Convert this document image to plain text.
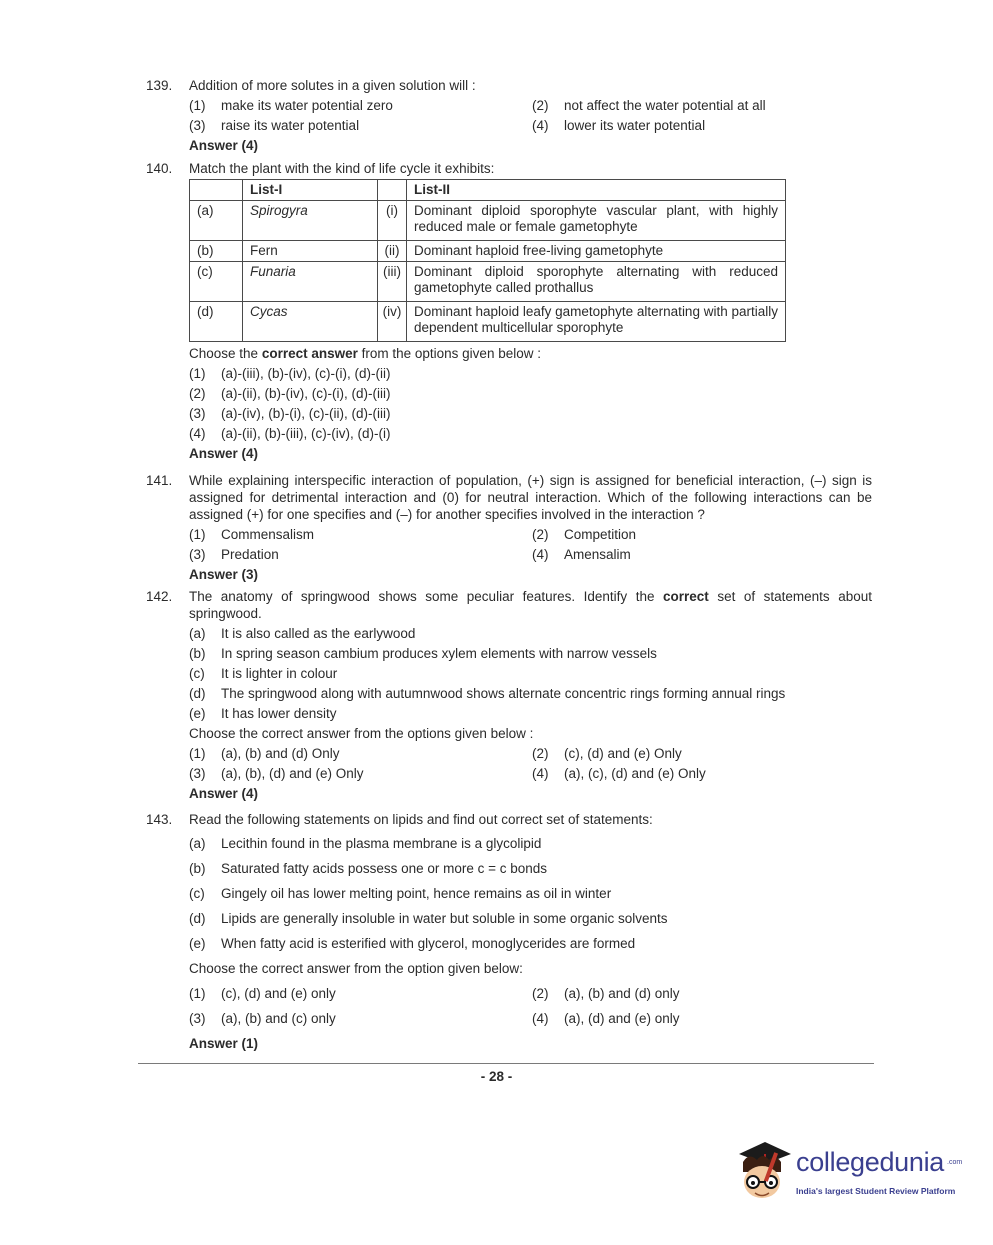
139.	Addition of more solutes in a given solution will :
(1)	make its water potential zero	(2)	not affect the water potential at all
(3)	raise its water potential	(4)	lower its water potential
Answer (4)
140.	Match the plant with the kind of life cycle it exhibits:
	List-I		List-II
(a)	Spirogyra	(i)	Dominant diploid sporophyte vascular plant, with highly reduced male or female gametophyte
(b)	Fern	(ii)	Dominant haploid free-living gametophyte
(c)	Funaria	(iii)	Dominant diploid sporophyte alternating with reduced gametophyte called prothallus
(d)	Cycas	(iv)	Dominant haploid leafy gametophyte alternating with partially dependent multicellular sporophyte
Choose the correct answer from the options given below :
(1)	(a)-(iii), (b)-(iv), (c)-(i), (d)-(ii)
(2)	(a)-(ii), (b)-(iv), (c)-(i), (d)-(iii)
(3)	(a)-(iv), (b)-(i), (c)-(ii), (d)-(iii)
(4)	(a)-(ii), (b)-(iii), (c)-(iv), (d)-(i)
Answer (4)
141.	While explaining interspecific interaction of population, (+) sign is assigned for beneficial interaction, (–) sign is assigned for detrimental interaction and (0) for neutral interaction. Which of the following interactions can be assigned (+) for one specifies and (–) for another specifies involved in the interaction ?
(1)	Commensalism	(2)	Competition
(3)	Predation	(4)	Amensalim
Answer (3)
142.	The anatomy of springwood shows some peculiar features. Identify the correct set of statements about springwood.
(a)	It is also called as the earlywood
(b)	In spring season cambium produces xylem elements with narrow vessels
(c)	It is lighter in colour
(d)	The springwood along with autumnwood shows alternate concentric rings forming annual rings
(e)	It has lower density
Choose the correct answer from the options given below :
(1)	(a), (b) and (d) Only	(2)	(c), (d) and (e) Only
(3)	(a), (b), (d) and (e) Only	(4)	(a), (c), (d) and (e) Only
Answer (4)
143.	Read the following statements on lipids and find out correct set of statements:
(a)	Lecithin found in the plasma membrane is a glycolipid
(b)	Saturated fatty acids possess one or more c = c bonds
(c)	Gingely oil has lower melting point, hence remains as oil in winter
(d)	Lipids are generally insoluble in water but soluble in some organic solvents
(e)	When fatty acid is esterified with glycerol, monoglycerides are formed
Choose the correct answer from the option given below:
(1)	(c), (d) and (e) only	(2)	(a), (b) and (d) only
(3)	(a), (b) and (c) only	(4)	(a), (d) and (e) only
Answer (1)
- 28 -
collegedunia .com
India's largest Student Review Platform
